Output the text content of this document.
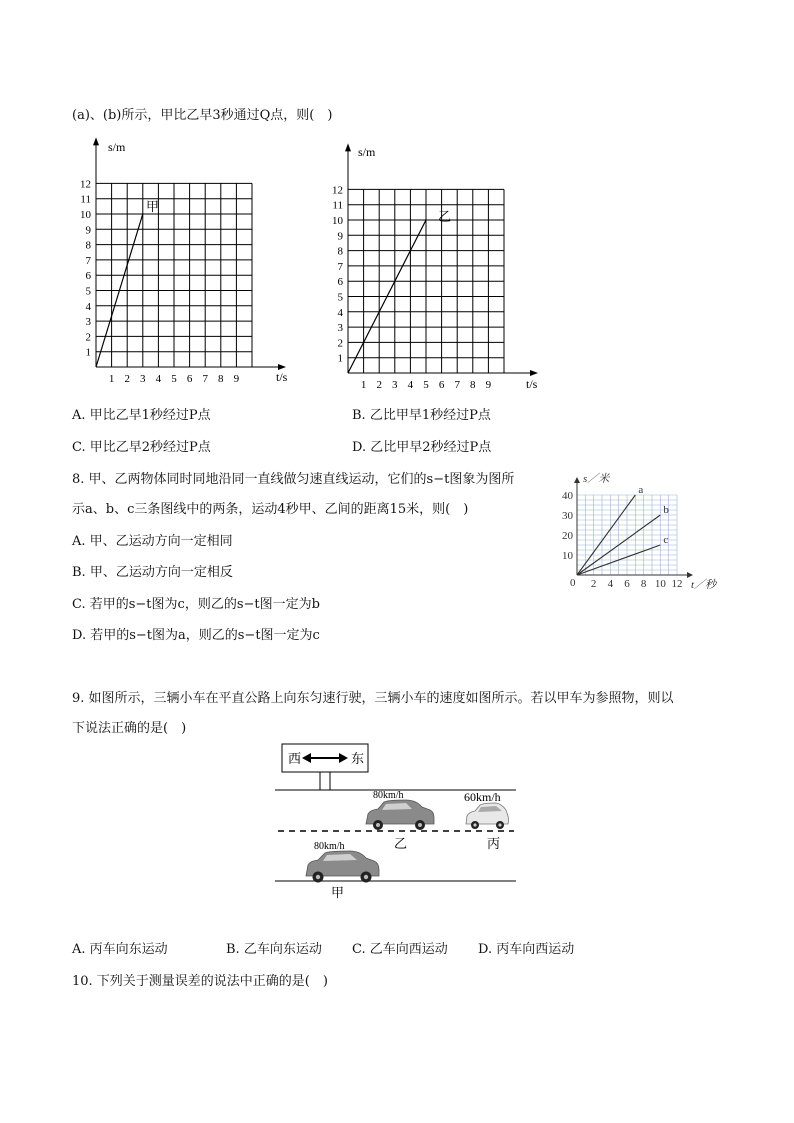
(a)、(b)所示，甲比乙早3秒通过Q点，则(　)
s/m
t/s
1
2
3
4
5
6
7
8
9
10
11
12
1 2 3 4 5 6 7 8 9
甲
s/m
t/s
1
2
3
4
5
6
7
8
9
10
11
12
1 2 3 4 5 6 7 8 9
乙
A. 甲比乙早1秒经过P点	B. 乙比甲早1秒经过P点
C. 甲比乙早2秒经过P点	D. 乙比甲早2秒经过P点
8. 甲、乙两物体同时同地沿同一直线做匀速直线运动，它们的s−t图象为图所
示a、b、c三条图线中的两条，运动4秒甲、乙间的距离15米，则(　)
A. 甲、乙运动方向一定相同
B. 甲、乙运动方向一定相反
C. 若甲的s−t图为c，则乙的s−t图一定为b
D. 若甲的s−t图为a，则乙的s−t图一定为c
s／米
t／秒
0
10
20
30
40
2 4 6 8 10 12
a
b
c
9. 如图所示，三辆小车在平直公路上向东匀速行驶，三辆小车的速度如图所示。若以甲车为参照物，则以
下说法正确的是(　)
西	东
80km/h
乙
60km/h
丙
80km/h
甲
A. 丙车向东运动	B. 乙车向东运动 C. 乙车向西运动 D. 丙车向西运动
10. 下列关于测量误差的说法中正确的是(　)
